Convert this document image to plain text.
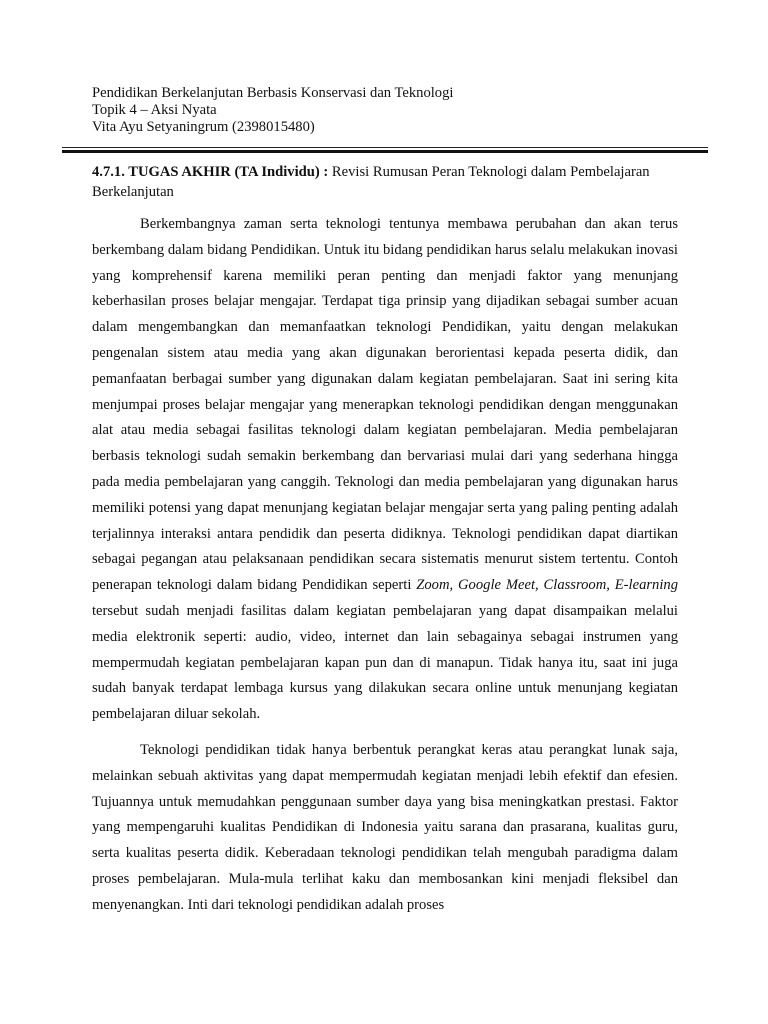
Pendidikan Berkelanjutan Berbasis Konservasi dan Teknologi
Topik 4 – Aksi Nyata
Vita Ayu Setyaningrum (2398015480)

4.7.1. TUGAS AKHIR (TA Individu) : Revisi Rumusan Peran Teknologi dalam Pembelajaran Berkelanjutan

Berkembangnya zaman serta teknologi tentunya membawa perubahan dan akan terus berkembang dalam bidang Pendidikan. Untuk itu bidang pendidikan harus selalu melakukan inovasi yang komprehensif karena memiliki peran penting dan menjadi faktor yang menunjang keberhasilan proses belajar mengajar. Terdapat tiga prinsip yang dijadikan sebagai sumber acuan dalam mengembangkan dan memanfaatkan teknologi Pendidikan, yaitu dengan melakukan pengenalan sistem atau media yang akan digunakan berorientasi kepada peserta didik, dan pemanfaatan berbagai sumber yang digunakan dalam kegiatan pembelajaran. Saat ini sering kita menjumpai proses belajar mengajar yang menerapkan teknologi pendidikan dengan menggunakan alat atau media sebagai fasilitas teknologi dalam kegiatan pembelajaran. Media pembelajaran berbasis teknologi sudah semakin berkembang dan bervariasi mulai dari yang sederhana hingga pada media pembelajaran yang canggih. Teknologi dan media pembelajaran yang digunakan harus memiliki potensi yang dapat menunjang kegiatan belajar mengajar serta yang paling penting adalah terjalinnya interaksi antara pendidik dan peserta didiknya. Teknologi pendidikan dapat diartikan sebagai pegangan atau pelaksanaan pendidikan secara sistematis menurut sistem tertentu. Contoh penerapan teknologi dalam bidang Pendidikan seperti Zoom, Google Meet, Classroom, E-learning tersebut sudah menjadi fasilitas dalam kegiatan pembelajaran yang dapat disampaikan melalui media elektronik seperti: audio, video, internet dan lain sebagainya sebagai instrumen yang mempermudah kegiatan pembelajaran kapan pun dan di manapun. Tidak hanya itu, saat ini juga sudah banyak terdapat lembaga kursus yang dilakukan secara online untuk menunjang kegiatan pembelajaran diluar sekolah.

Teknologi pendidikan tidak hanya berbentuk perangkat keras atau perangkat lunak saja, melainkan sebuah aktivitas yang dapat mempermudah kegiatan menjadi lebih efektif dan efesien. Tujuannya untuk memudahkan penggunaan sumber daya yang bisa meningkatkan prestasi. Faktor yang mempengaruhi kualitas Pendidikan di Indonesia yaitu sarana dan prasarana, kualitas guru, serta kualitas peserta didik. Keberadaan teknologi pendidikan telah mengubah paradigma dalam proses pembelajaran. Mula-mula terlihat kaku dan membosankan kini menjadi fleksibel dan menyenangkan. Inti dari teknologi pendidikan adalah proses
